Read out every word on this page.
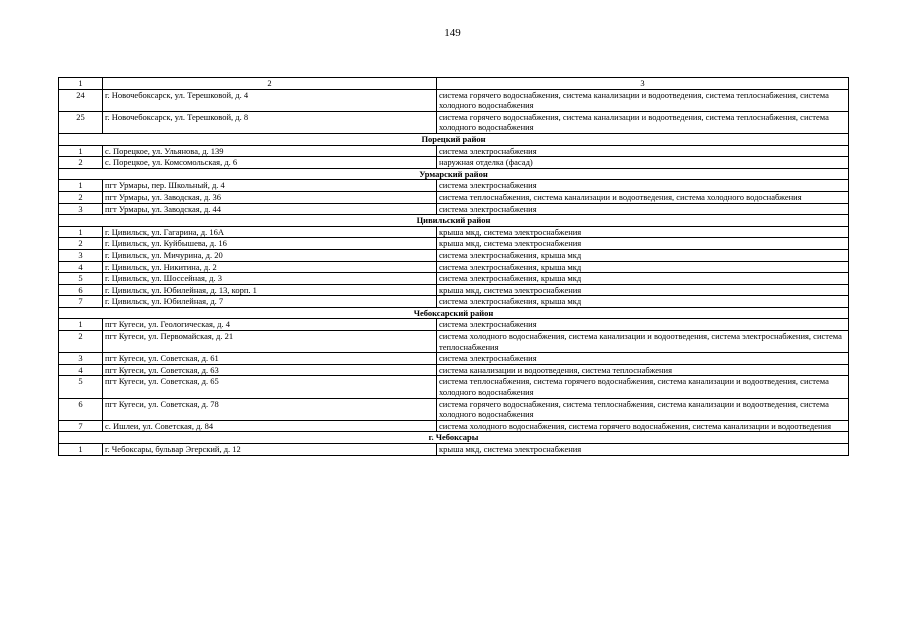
149
1	2	3
24	г. Новочебоксарск, ул. Терешковой, д. 4	система горячего водоснабжения, система канализации и водоотведения, система теплоснабжения, система холодного водоснабжения
25	г. Новочебоксарск, ул. Терешковой, д. 8	система горячего водоснабжения, система канализации и водоотведения, система теплоснабжения, система холодного водоснабжения
Порецкий район		
1	с. Порецкое, ул. Ульянова, д. 139	система электроснабжения
2	с. Порецкое, ул. Комсомольская, д. 6	наружная отделка (фасад)
Урмарский район		
1	пгт Урмары, пер. Школьный, д. 4	система электроснабжения
2	пгт Урмары, ул. Заводская, д. 36	система теплоснабжения, система канализации и водоотведения, система холодного водоснабжения
3	пгт Урмары, ул. Заводская, д. 44	система электроснабжения
Цивильский район		
1	г. Цивильск, ул. Гагарина, д. 16А	крыша мкд, система электроснабжения
2	г. Цивильск, ул. Куйбышева, д. 16	крыша мкд, система электроснабжения
3	г. Цивильск, ул. Мичурина, д. 20	система электроснабжения, крыша мкд
4	г. Цивильск, ул. Никитина, д. 2	система электроснабжения, крыша мкд
5	г. Цивильск, ул. Шоссейная, д. 3	система электроснабжения, крыша мкд
6	г. Цивильск, ул. Юбилейная, д. 13, корп. 1	крыша мкд, система электроснабжения
7	г. Цивильск, ул. Юбилейная, д. 7	система электроснабжения, крыша мкд
Чебоксарский район		
1	пгт Кугеси, ул. Геологическая, д. 4	система электроснабжения
2	пгт Кугеси, ул. Первомайская, д. 21	система холодного водоснабжения, система канализации и водоотведения, система электроснабжения, система теплоснабжения
3	пгт Кугеси, ул. Советская, д. 61	система электроснабжения
4	пгт Кугеси, ул. Советская, д. 63	система канализации и водоотведения, система теплоснабжения
5	пгт Кугеси, ул. Советская, д. 65	система теплоснабжения, система горячего водоснабжения, система канализации и водоотведения, система холодного водоснабжения
6	пгт Кугеси, ул. Советская, д. 78	система горячего водоснабжения, система теплоснабжения, система канализации и водоотведения, система холодного водоснабжения
7	с. Ишлеи, ул. Советская, д. 84	система холодного водоснабжения, система горячего водоснабжения, система канализации и водоотведения
г. Чебоксары		
1	г. Чебоксары, бульвар Эгерский, д. 12	крыша мкд, система электроснабжения
